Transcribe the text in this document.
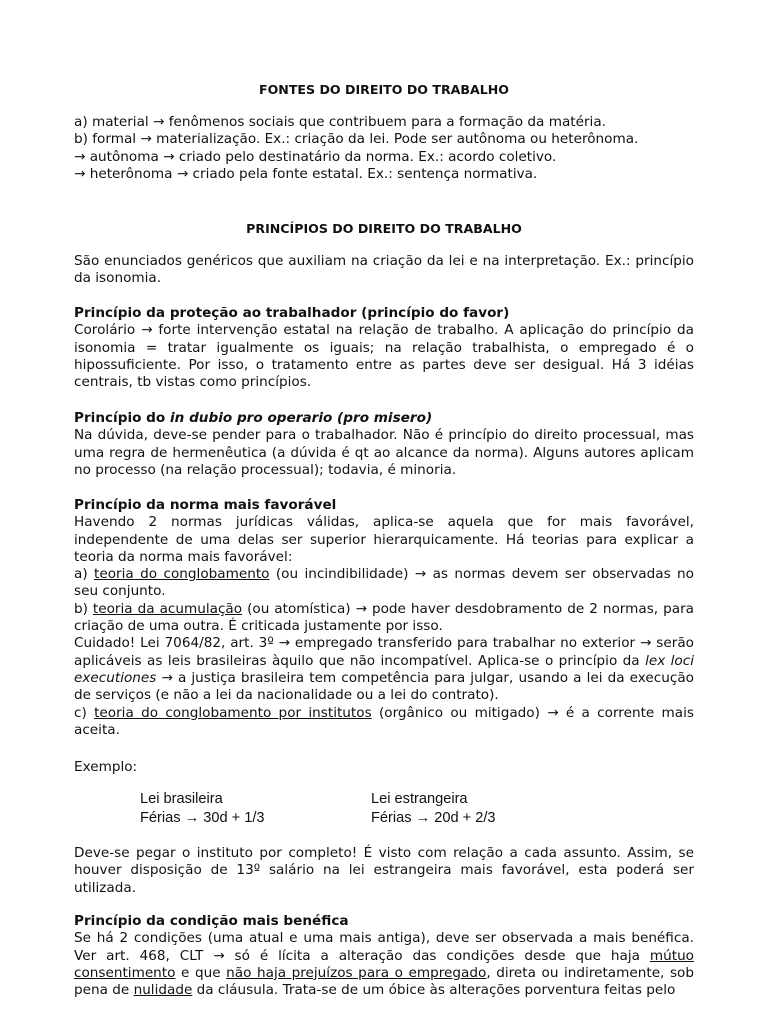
FONTES DO DIREITO DO TRABALHO
a) material → fenômenos sociais que contribuem para a formação da matéria.
b) formal → materialização. Ex.: criação da lei. Pode ser autônoma ou heterônoma.
→ autônoma → criado pelo destinatário da norma. Ex.: acordo coletivo.
→ heterônoma → criado pela fonte estatal. Ex.: sentença normativa.
PRINCÍPIOS DO DIREITO DO TRABALHO
São enunciados genéricos que auxiliam na criação da lei e na interpretação. Ex.: princípio da isonomia.
Princípio da proteção ao trabalhador (princípio do favor)
Corolário → forte intervenção estatal na relação de trabalho. A aplicação do princípio da isonomia = tratar igualmente os iguais; na relação trabalhista, o empregado é o hipossuficiente. Por isso, o tratamento entre as partes deve ser desigual. Há 3 idéias centrais, tb vistas como princípios.
Princípio do in dubio pro operario (pro misero)
Na dúvida, deve-se pender para o trabalhador. Não é princípio do direito processual, mas uma regra de hermenêutica (a dúvida é qt ao alcance da norma). Alguns autores aplicam no processo (na relação processual); todavia, é minoria.
Princípio da norma mais favorável
Havendo 2 normas jurídicas válidas, aplica-se aquela que for mais favorável, independente de uma delas ser superior hierarquicamente. Há teorias para explicar a teoria da norma mais favorável:
a) teoria do conglobamento (ou incindibilidade) → as normas devem ser observadas no seu conjunto.
b) teoria da acumulação (ou atomística) → pode haver desdobramento de 2 normas, para criação de uma outra. É criticada justamente por isso.
Cuidado! Lei 7064/82, art. 3º → empregado transferido para trabalhar no exterior → serão aplicáveis as leis brasileiras àquilo que não incompatível. Aplica-se o princípio da lex loci executiones → a justiça brasileira tem competência para julgar, usando a lei da execução de serviços (e não a lei da nacionalidade ou a lei do contrato).
c) teoria do conglobamento por institutos (orgânico ou mitigado) → é a corrente mais aceita.
Exemplo:
Lei brasileira
Férias → 30d + 1/3
Lei estrangeira
Férias → 20d + 2/3
Deve-se pegar o instituto por completo! É visto com relação a cada assunto. Assim, se houver disposição de 13º salário na lei estrangeira mais favorável, esta poderá ser utilizada.
Princípio da condição mais benéfica
Se há 2 condições (uma atual e uma mais antiga), deve ser observada a mais benéfica. Ver art. 468, CLT → só é lícita a alteração das condições desde que haja mútuo consentimento e que não haja prejuízos para o empregado, direta ou indiretamente, sob pena de nulidade da cláusula. Trata-se de um óbice às alterações porventura feitas pelo
